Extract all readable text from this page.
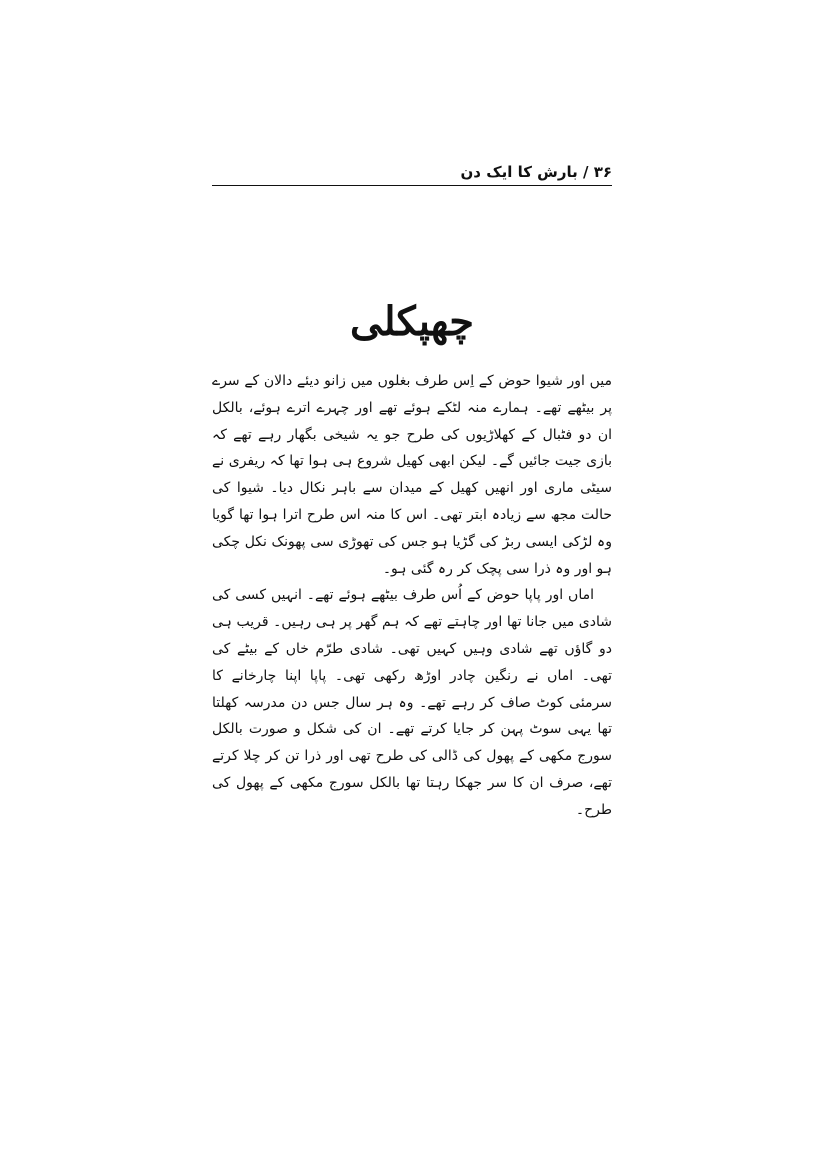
۳۶ / بارش کا ایک دن
چھپکلی

میں اور شیوا حوض کے اِس طرف بغلوں میں زانو دیئے دالان کے سرے پر بیٹھے تھے۔ ہمارے منہ لٹکے ہوئے تھے اور چہرے اترے ہوئے، بالکل ان دو فٹبال کے کھلاڑیوں کی طرح جو یہ شیخی بگھار رہے تھے کہ بازی جیت جائیں گے۔ لیکن ابھی کھیل شروع ہی ہوا تھا کہ ریفری نے سیٹی ماری اور انھیں کھیل کے میدان سے باہر نکال دیا۔ شیوا کی حالت مجھ سے زیادہ ابتر تھی۔ اس کا منہ اس طرح اترا ہوا تھا گویا وہ لڑکی ایسی ربڑ کی گڑیا ہو جس کی تھوڑی سی پھونک نکل چکی ہو اور وہ ذرا سی پچک کر رہ گئی ہو۔

اماں اور پاپا حوض کے اُس طرف بیٹھے ہوئے تھے۔ انہیں کسی کی شادی میں جانا تھا اور چاہتے تھے کہ ہم گھر پر ہی رہیں۔ قریب ہی دو گاؤں تھے شادی وہیں کہیں تھی۔ شادی طرّم خاں کے بیٹے کی تھی۔ اماں نے رنگین چادر اوڑھ رکھی تھی۔ پاپا اپنا چارخانے کا سرمئی کوٹ صاف کر رہے تھے۔ وہ ہر سال جس دن مدرسہ کھلتا تھا یہی سوٹ پہن کر جایا کرتے تھے۔ ان کی شکل و صورت بالکل سورج مکھی کے پھول کی ڈالی کی طرح تھی اور ذرا تن کر چلا کرتے تھے، صرف ان کا سر جھکا رہتا تھا بالکل سورج مکھی کے پھول کی طرح۔
